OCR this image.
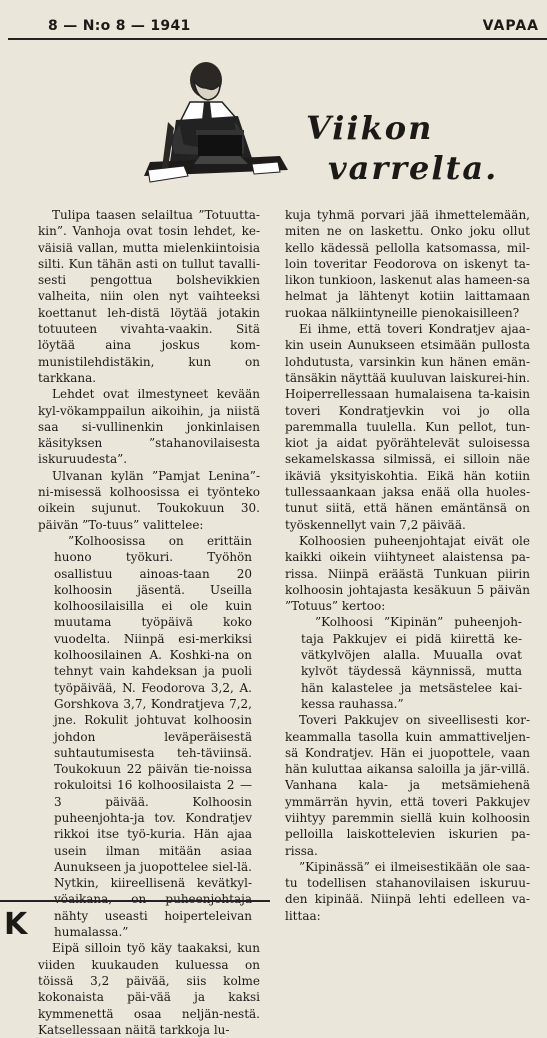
8 — N:o 8 — 1941	VAPAA
Viikon
varrelta.

Tulipa taasen selailtua ”Totuutta-kin”. Vanhoja ovat tosin lehdet, ke-väisiä vallan, mutta mielenkiintoisia silti. Kun tähän asti on tullut tavalli-sesti pengottua bolshevikkien valheita, niin olen nyt vaihteeksi koettanut leh-distä löytää jotakin totuuteen vivahta-vaakin. Sitä löytää aina joskus kom-munistilehdistäkin, kun on tarkkana.

Lehdet ovat ilmestyneet kevään kyl-vökamppailun aikoihin, ja niistä saa si-vullinenkin jonkinlaisen käsityksen ”stahanovilaisesta iskuruudesta”.

Ulvanan kylän ”Pamjat Lenina”-ni-misessä kolhoosissa ei työnteko oikein sujunut. Toukokuun 30. päivän ”To-tuus” valittelee:

”Kolhoosissa on erittäin huono työkuri. Työhön osallistuu ainoas-taan 20 kolhoosin jäsentä. Useilla kolhoosilaisilla ei ole kuin muutama työpäivä koko vuodelta. Niinpä esi-merkiksi kolhoosilainen A. Koshki-na on tehnyt vain kahdeksan ja puoli työpäivää, N. Feodorova 3,2, A. Gorshkova 3,7, Kondratjeva 7,2, jne. Rokulit johtuvat kolhoosin johdon leväperäisestä suhtautumisesta teh-täviinsä. Toukokuun 22 päivän tie-noissa rokuloitsi 16 kolhoosilaista 2 —3 päivää. Kolhoosin puheenjohta-ja tov. Kondratjev rikkoi itse työ-kuria. Hän ajaa usein ilman mitään asiaa Aunukseen ja juopottelee siel-lä. Nytkin, kiireellisenä kevätkyl- nähty useasti hoiperteleivan humalassa.”

Eipä silloin työ käy taakaksi, kun viiden kuukauden kuluessa on töissä 3,2 päivää, siis kolme kokonaista päi-vää ja kaksi kymmenettä osaa neljän-nestä. Katsellessaan näitä tarkkoja lu-

kuja tyhmä porvari jää ihmettelemään, miten ne on laskettu. Onko joku ollut kello kädessä pellolla katsomassa, mil-loin toveritar Feodorova on iskenyt ta-likon tunkioon, laskenut alas hameen-sa helmat ja lähtenyt kotiin laittamaan ruokaa nälkiintyneille pienokaisilleen?

Ei ihme, että toveri Kondratjev ajaa-kin usein Aunukseen etsimään pullosta lohdutusta, varsinkin kun hänen emän-tänsäkin näyttää kuuluvan laiskurei-hin. Hoiperrellessaan humalaisena ta-kaisin toveri Kondratjevkin voi jo olla paremmalla tuulella. Kun pellot, tun-kiot ja aidat pyörähtelevät suloisessa sekamelskassa silmissä, ei silloin näe ikäviä yksityiskohtia. Eikä hän kotiin tullessaankaan jaksa enää olla huoles-tunut siitä, että hänen emäntänsä on työskennellyt vain 7,2 päivää.

Kolhoosien puheenjohtajat eivät ole kaikki oikein viihtyneet alaistensa pa-rissa. Niinpä eräästä Tunkuan piirin kolhoosin johtajasta kesäkuun 5 päivän ”Totuus” kertoo:

”Kolhoosi ”Kipinän” puheenjoh-taja Pakkujev ei pidä kiirettä ke-vätkylvöjen alalla. Muualla ovat kylvöt täydessä käynnissä, mutta hän kalastelee ja metsästelee kai-kessa rauhassa.”

Toveri Pakkujev on siveellisesti kor-keammalla tasolla kuin ammattiveljen-sä Kondratjev. Hän ei juopottele, vaan hän kuluttaa aikansa saloilla ja jär-villä. Vanhana kala- ja metsämiehenä ymmärrän hyvin, että toveri Pakkujev viihtyy paremmin siellä kuin kolhoosin pelloilla laiskottelevien iskurien pa-rissa.

”Kipinässä” ei ilmeisesti​kään ole saa-tu todellisen stahanovilaisen iskuruu-den kipinää. Niinpä lehti edelleen va-littaa:

K
